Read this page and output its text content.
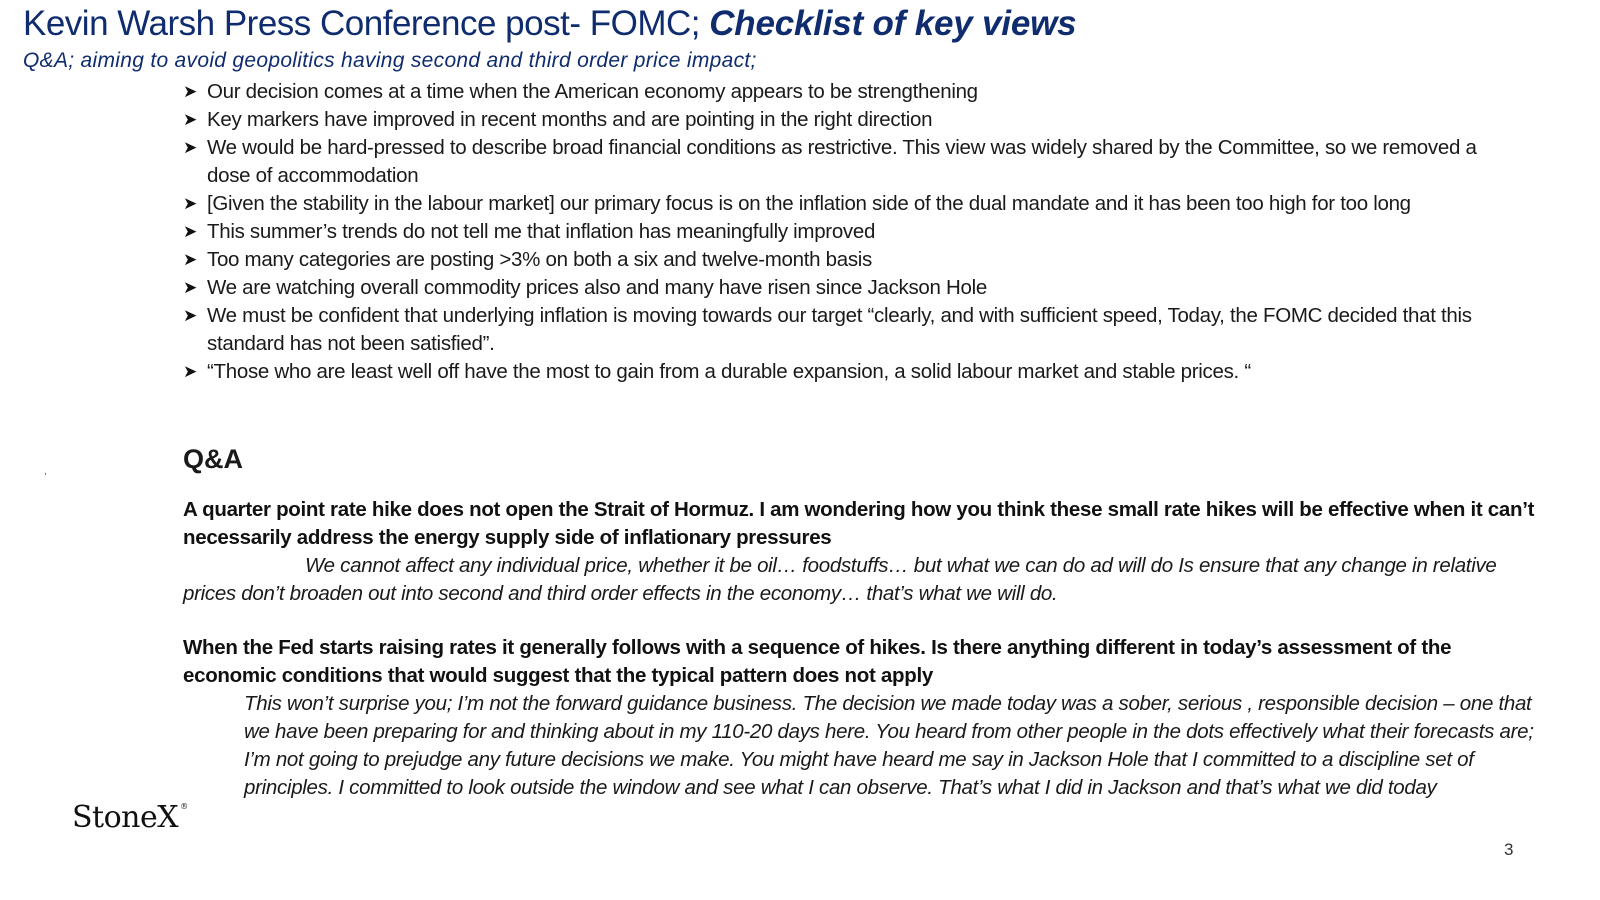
Kevin Warsh Press Conference post- FOMC; Checklist of key views
Q&A; aiming to avoid geopolitics having second and third order price impact;
➤ Our decision comes at a time when the American economy appears to be strengthening
➤ Key markers have improved in recent months and are pointing in the right direction
➤ We would be hard-pressed to describe broad financial conditions as restrictive. This view was widely shared by the Committee, so we removed a dose of accommodation
➤ [Given the stability in the labour market] our primary focus is on the inflation side of the dual mandate and it has been too high for too long
➤ This summer’s trends do not tell me that inflation has meaningfully improved
➤ Too many categories are posting >3% on both a six and twelve-month basis
➤ We are watching overall commodity prices also and many have risen since Jackson Hole
➤ We must be confident that underlying inflation is moving towards our target “clearly, and with sufficient speed, Today, the FOMC decided that this standard has not been satisfied”.
➤ “Those who are least well off have the most to gain from a durable expansion, a solid labour market and stable prices. “
,	Q&A
A quarter point rate hike does not open the Strait of Hormuz. I am wondering how you think these small rate hikes will be effective when it can’t necessarily address the energy supply side of inflationary pressures
We cannot affect any individual price, whether it be oil… foodstuffs… but what we can do ad will do Is ensure that any change in relative prices don’t broaden out into second and third order effects in the economy… that’s what we will do.
When the Fed starts raising rates it generally follows with a sequence of hikes. Is there anything different in today’s assessment of the economic conditions that would suggest that the typical pattern does not apply
This won’t surprise you; I’m not the forward guidance business. The decision we made today was a sober, serious , responsible decision – one that we have been preparing for and thinking about in my 110-20 days here. You heard from other people in the dots effectively what their forecasts are; I’m not going to prejudge any future decisions we make. You might have heard me say in Jackson Hole that I committed to a discipline set of principles. I committed to look outside the window and see what I can observe. That’s what I did in Jackson and that’s what we did today
StoneX ®
3
